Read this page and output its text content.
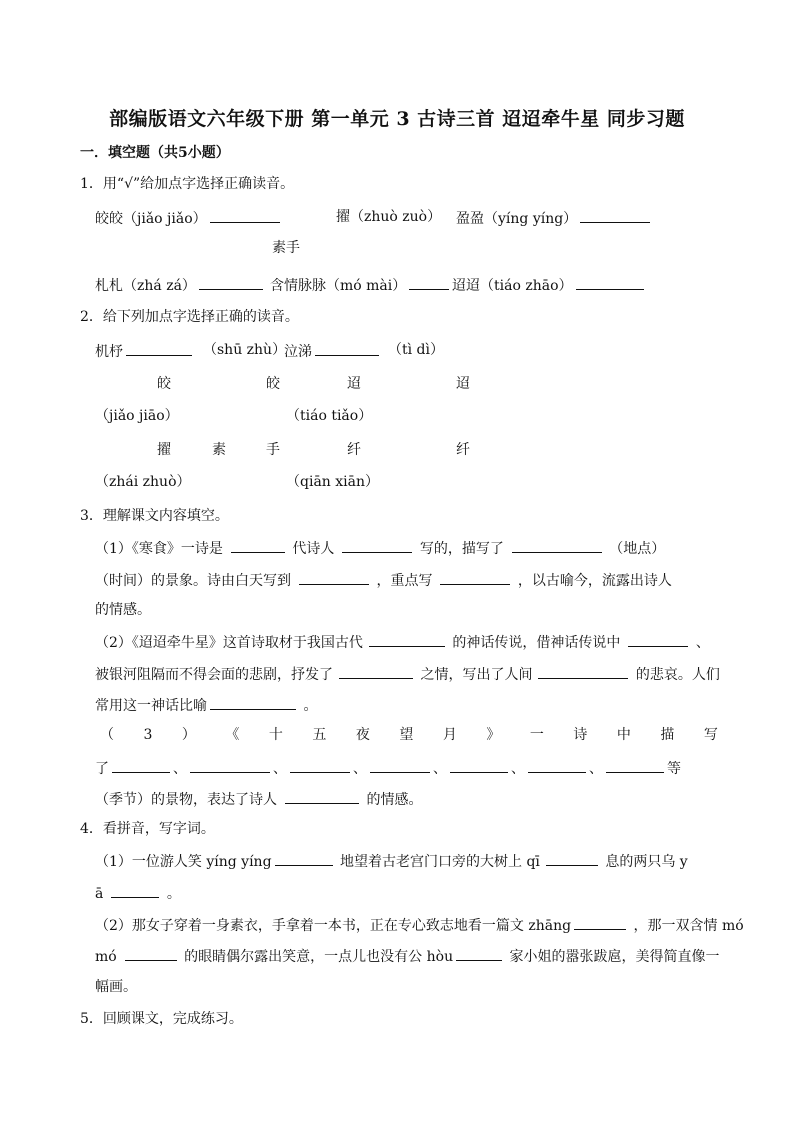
部编版语文六年级下册 第一单元 3 古诗三首 迢迢牵牛星 同步习题
一．填空题（共5小题）
1．用“√”给加点字选择正确读音。
皎皎（jiǎo jiǎo）	擢（zhuò zuò） 盈盈（yíng yíng）
素手
札札（zhá zá）	含情脉脉（mó mài）	迢迢（tiáo zhāo）
2．给下列加点字选择正确的读音。
机杼	（shū zhù）
泣涕	（tì dì）
皎	皎	迢	迢
（jiǎo jiāo）	（tiáo tiǎo）
擢	素	手	纤	纤
（zhái zhuò）	（qiān xiān）
3．理解课文内容填空。
（1）《寒食》一诗是	代诗人	写的，描写了	（地点）
（时间）的景象。诗由白天写到	，重点写	，以古喻今，流露出诗人
的情感。
（2）《迢迢牵牛星》这首诗取材于我国古代	的神话传说，借神话传说中	、
被银河阻隔而不得会面的悲剧，抒发了	之情，写出了人间	的悲哀。人们
常用这一神话比喻	。
（ 3 ） 《 十 五 夜 望 月 》 一 诗 中 描 写
了	、	、	、	、	、	、	等
（季节）的景物，表达了诗人	的情感。
4．看拼音，写字词。
（1）一位游人笑 yíng yíng	地望着古老宫门口旁的大树上 qī	息的两只乌 y
ā	。
（2）那女子穿着一身素衣，手拿着一本书，正在专心致志地看一篇文 zhāng	，那一双含情 mó
mó	的眼睛偶尔露出笑意，一点儿也没有公 hòu	家小姐的嚣张跋扈，美得简直像一
幅画。
5．回顾课文，完成练习。
